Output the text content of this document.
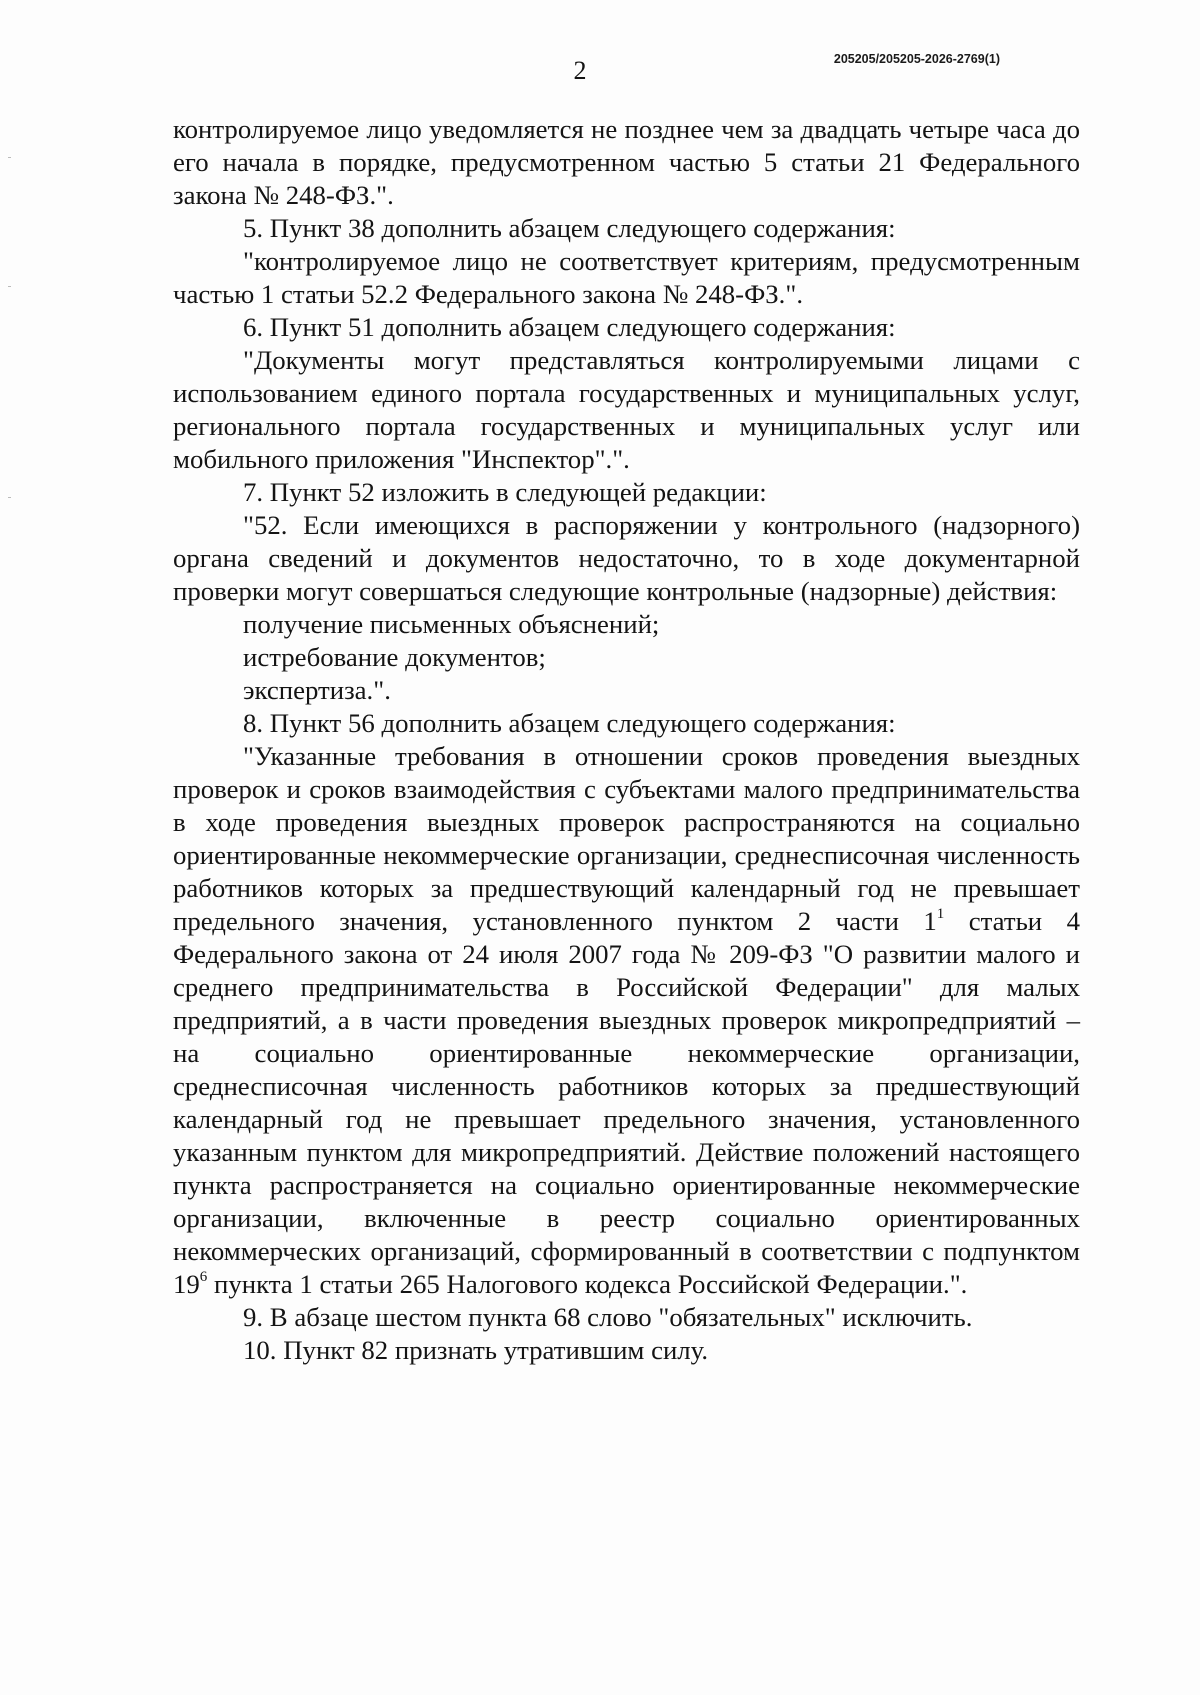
205205/205205-2026-2769(1)
2

контролируемое лицо уведомляется не позднее чем за двадцать четыре часа до его начала в порядке, предусмотренном частью 5 статьи 21 Федерального закона № 248-ФЗ.".

5. Пункт 38 дополнить абзацем следующего содержания:

"контролируемое лицо не соответствует критериям, предусмотренным частью 1 статьи 52.2 Федерального закона № 248-ФЗ.".

6. Пункт 51 дополнить абзацем следующего содержания:

"Документы могут представляться контролируемыми лицами с использованием единого портала государственных и муниципальных услуг, регионального портала государственных и муниципальных услуг или мобильного приложения "Инспектор".".

7. Пункт 52 изложить в следующей редакции:

"52. Если имеющихся в распоряжении у контрольного (надзорного) органа сведений и документов недостаточно, то в ходе документарной проверки могут совершаться следующие контрольные (надзорные) действия:

получение письменных объяснений;

истребование документов;

экспертиза.".

8. Пункт 56 дополнить абзацем следующего содержания:

"Указанные требования в отношении сроков проведения выездных проверок и сроков взаимодействия с субъектами малого предпринимательства в ходе проведения выездных проверок распространяются на социально ориентированные некоммерческие организации, среднесписочная численность работников которых за предшествующий календарный год не превышает предельного значения, установленного пунктом 2 части $1^1$ статьи 4 Федерального закона от 24 июля 2007 года № 209-ФЗ "О развитии малого и среднего предпринимательства в Российской Федерации" для малых предприятий, а в части проведения выездных проверок микропредприятий – на социально ориентированные некоммерческие организации, среднесписочная численность работников которых за предшествующий календарный год не превышает предельного значения, установленного указанным пунктом для микропредприятий. Действие положений настоящего пункта распространяется на социально ориентированные некоммерческие организации, включенные в реестр социально ориентированных некоммерческих организаций, сформированный в соответствии с подпунктом $19^6$ пункта 1 статьи 265 Налогового кодекса Российской Федерации.".

9. В абзаце шестом пункта 68 слово "обязательных" исключить.

10. Пункт 82 признать утратившим силу.
